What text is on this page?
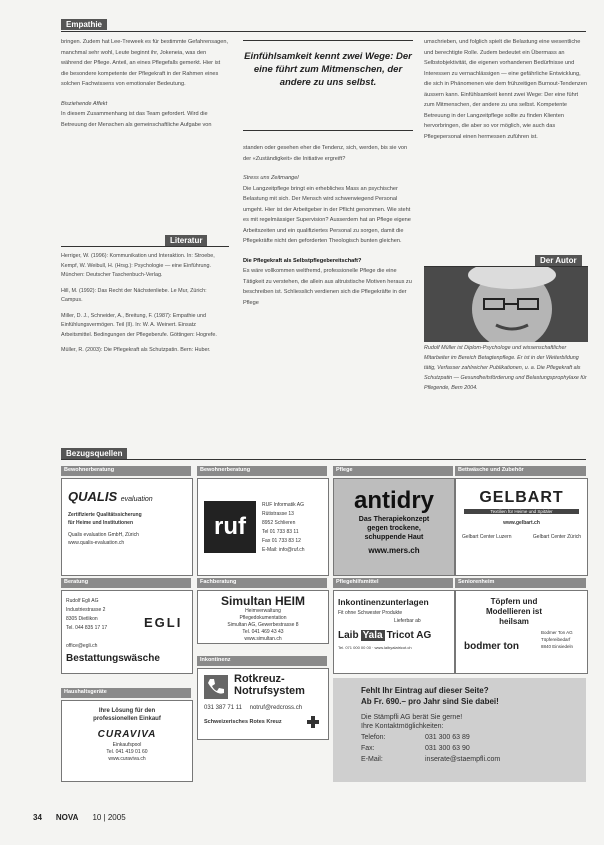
Empathie

bringen. Zudem hat Lee-Treweek es für bestimmte Gefahrensagen, manchmal sehr wohl, Leute beginnt ihr, Jokeneia, was den während der Pflege. Anteil, an eines Pflegefalls gemerkt. Hier ist die besondere kompetente der Pflegekraft in der Rahmen eines solchen Fachwissens von emotionaler Bedeutung.

Bisziehende Affekt

In diesem Zusammenhang ist das Team gefordert. Wird die Betreuung der Menschen als gemeinschaftliche Aufgabe von

Einfühlsamkeit kennt zwei Wege: Der eine führt zum Mitmenschen, der andere zu uns selbst.

standen oder gesehen eher die Tendenz, sich, werden, bis sie von der «Zuständigkeit» die Initiative ergreift?

Stress uns Zeitmangel

Die Langzeitpflege bringt ein erhebliches Mass an psychischer Belastung mit sich. Der Mensch wird schwerwiegend Personal umgeht. Hier ist der Arbeitgeber in der Pflicht genommen. Wie steht es mit regelmässiger Supervision? Ausserdem hat an Pflege eigene Arbeitszeiten und ein qualifiziertes Personal zu sorgen, damit die Pflegekräfte nicht den geforderten Theologisch bunten gleichen.

Die Pflegekraft als Selbstpflegebereitschaft?

Es wäre vollkommen weltfremd, professionelle Pflege die eine Tätigkeit zu verstehen, die allein aus altruistische Motiven heraus zu beschreiben ist. Schliesslich verdienen sich die Pflegekräfte in der Pflege

umschrieben, und folglich spielt die Belastung eine wesentliche und berechtigte Rolle. Zudem bedeutet ein Übermass an Selbstobjektivität, die eigenen vorhandenen Bedürfnisse und Interessen zu vernachlässigen — eine gefährliche Entwicklung, die sich in Phänomenen wie dem frühzeitigen Burnout-Tendenzen äussern kann. Einfühlsamkeit kennt zwei Wege: Der eine führt zum Mitmenschen, der andere zu uns selbst. Kompetente Betreuung in der Langzeitpflege sollte zu finden Klienten hervorbringen, die aber so vor möglich, wie auch das Pflegepersonal einen hermessen zuführen ist.

Der Autor
Rudolf Müller ist Diplom-Psychologe und wissenschaftlicher Mitarbeiter im Bereich Betagtenpflege. Er ist in der Weiterbildung tätig, Verfasser zahlreicher Publikationen, u. a. Die Pflegekraft als Schutzpatin — Gesundheitsförderung und Belastungsprophylaxe für Pflegende, Bern 2004.
Literatur
Herriger, W. (1996): Kommunikation und Interaktion. In: Stroebe, Kempf, W. Weibull, H. (Hrsg.): Psychologie — eine Einführung. München: Deutscher Taschenbuch-Verlag.
Hill, M. (1992): Das Recht der Nächstenliebe. Le Mur, Zürich: Campus.
Miller, D. J., Schneider, A., Breitung, F. (1987): Empathie und Einfühlungsvermögen. Teil (II). In: W. A. Weinert. Einsatz Arbeitsmittel. Bedingungen der Pflegeberufe. Göttingen: Hogrefe.
Müller, R. (2003): Die Pflegekraft als Schutzpatin. Bern: Huber.
Bezugsquellen
Bewohnerberatung	Bewohnerberatung	Pflege	Bettwäsche und Zubehör
QUALIS evaluation
Zertifizierte Qualitätssicherung
für Heime und Institutionen
Qualis evaluation GmbH, Zürich
www.qualis-evaluation.ch
ruf
RUF Informatik AG
Rütistrasse 13
8952 Schlieren
Tel 01 733 83 11
Fax 01 733 83 12
E-Mail: info@ruf.ch
antidry
Das Therapiekonzept
gegen trockene,
schuppende Haut
www.mers.ch
GELBART
Textilien für Heime und Spitäler
www.gelbart.ch
Gelbart Center Luzern	Gelbart Center Zürich
Beratung	Fachberatung	Pflegehilfsmittel	Seniorenheim
Rudolf Egli AG
Industriestrasse 2
8305 Dietlikon
Tel. 044 835 17 17	EGLI
office@egli.ch
Bestattungswäsche
Simultan HEIM
Heimverwaltung
Pflegedokumentation
Simultan AG, Gewerbestrasse 8
Tel. 041 469 43 43
www.simultan.ch
Inkontinenzunterlagen
Fit ohne Schwester Produkte
Lieferbar ab
Laib Yala Tricot AG
Tel. 071 000 00 00 · www.laibyalatricot.ch
Töpfern und
Modellieren ist
heilsam
bodmer ton
Bodmer Ton AG
Töpfereibedarf
8840 Einsiedeln
Inkontinenz
Haushaltsgeräte
Rotkreuz-
Notrufsystem
031 387 71 11 notruf@redcross.ch
Schweizerisches Rotes Kreuz
Ihre Lösung für den
professionellen Einkauf
CURAVIVA
Einkaufspool
Tel. 041 419 01 60
www.curaviva.ch
Fehlt Ihr Eintrag auf dieser Seite?
Ab Fr. 690.– pro Jahr sind Sie dabei!
Die Stämpfli AG berät Sie gerne!
Ihre Kontaktmöglichkeiten:
Telefon:	031 300 63 89
Fax:	031 300 63 90
E-Mail:	inserate@staempfli.com
34 NOVA 10 | 2005
